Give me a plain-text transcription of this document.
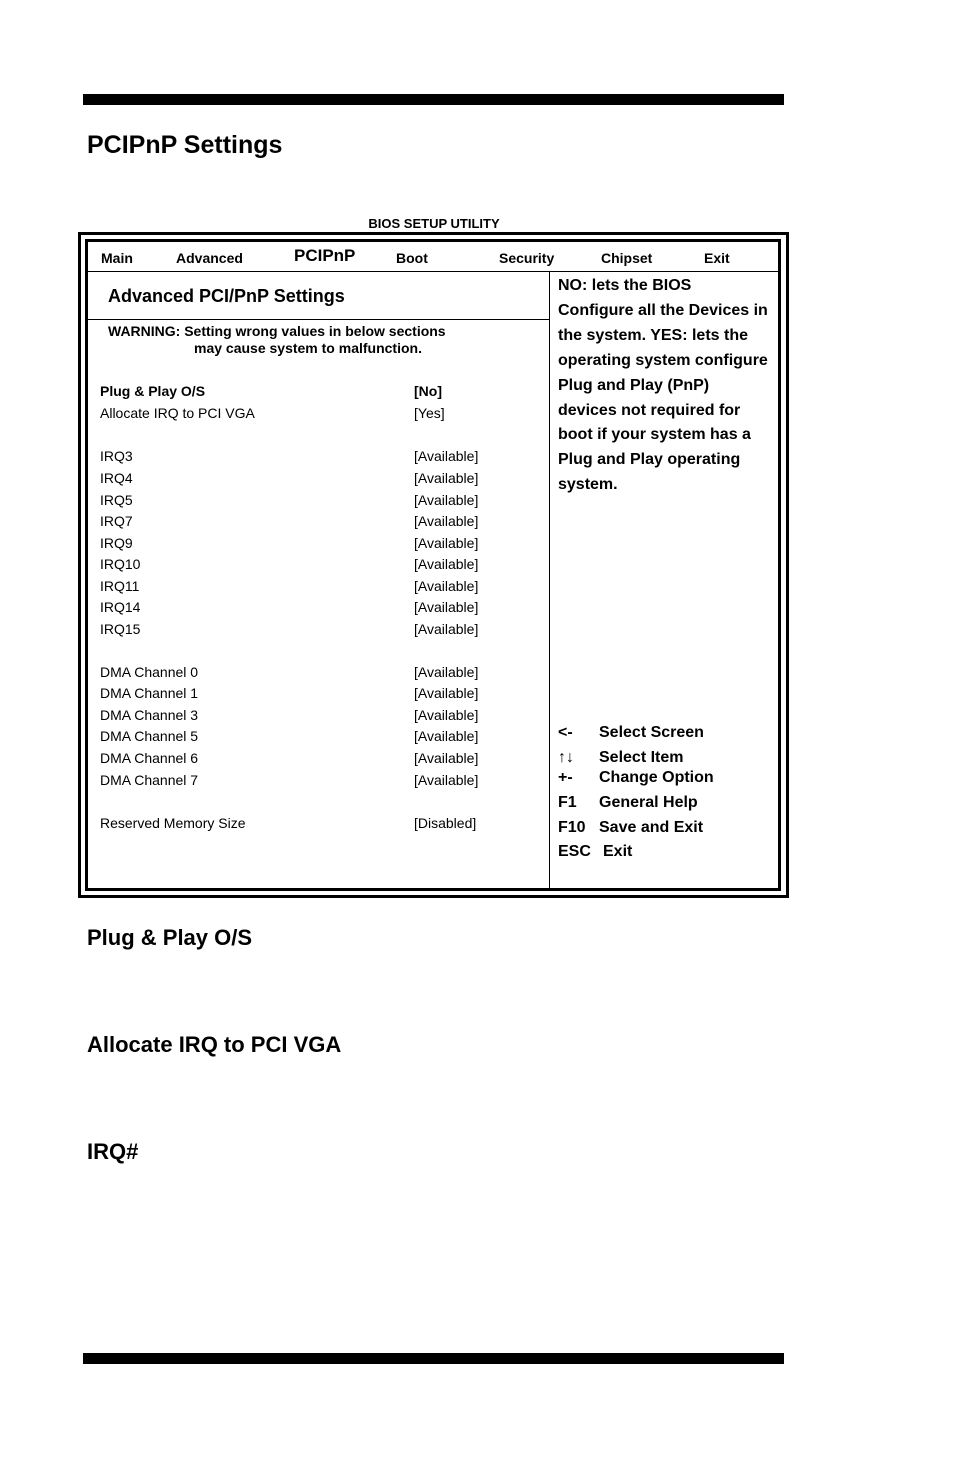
PCIPnP Settings
BIOS SETUP UTILITY
Main	Advanced	PCIPnP	Boot	Security	Chipset	Exit
Advanced PCI/PnP Settings
WARNING: Setting wrong values in below sections
may cause system to malfunction.
Plug & Play O/S	[No]
Allocate IRQ to PCI VGA	[Yes]
IRQ3	[Available]
IRQ4	[Available]
IRQ5	[Available]
IRQ7	[Available]
IRQ9	[Available]
IRQ10	[Available]
IRQ11	[Available]
IRQ14	[Available]
IRQ15	[Available]
DMA Channel 0	[Available]
DMA Channel 1	[Available]
DMA Channel 3	[Available]
DMA Channel 5	[Available]
DMA Channel 6	[Available]
DMA Channel 7	[Available]
Reserved Memory Size	[Disabled]
NO: lets the BIOS Configure all the Devices in the system. YES: lets the operating system configure Plug and Play (PnP) devices not required for boot if your system has a Plug and Play operating system.
<- Select Screen
↑↓ Select Item
+- Change Option
F1 General Help
F10 Save and Exit
ESC Exit
Plug & Play O/S
Allocate IRQ to PCI VGA
IRQ#
